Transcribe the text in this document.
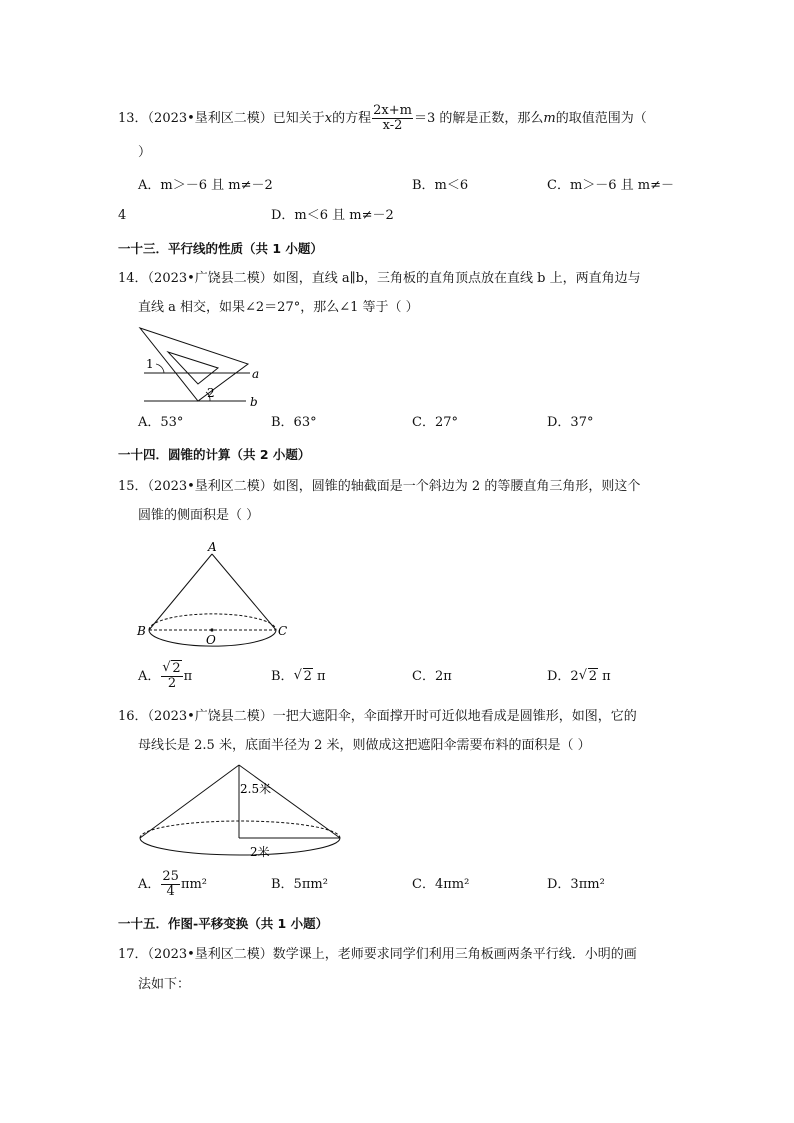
13．（2023•垦利区二模）已知关于x的方程 $\frac{2x+m}{x-2} =3$ 的解是正数，那么m的取值范围为（
）
A．m＞－6 且 m≠－2	B．m＜6	C．m＞－6 且 m≠－
4	D．m＜6 且 m≠－2
一十三．平行线的性质（共 1 小题）
14．（2023•广饶县二模）如图，直线 a∥b，三角板的直角顶点放在直线 b 上，两直角边与
直线 a 相交，如果∠2＝27°，那么∠1 等于（ ）
1
2
a
b
A．53°	B．63°	C．27°	D．37°
一十四．圆锥的计算（共 2 小题）
15．（2023•垦利区二模）如图，圆锥的轴截面是一个斜边为 2 的等腰直角三角形，则这个
圆锥的侧面积是（ ）
A
B	C
O
A． √ $\frac{2}{2}$ π	B． √ 2 π	C．2π	D．2 √ 2 π
16．（2023•广饶县二模）一把大遮阳伞，伞面撑开时可近似地看成是圆锥形，如图，它的
母线长是 2.5 米，底面半径为 2 米，则做成这把遮阳伞需要布料的面积是（ ）
2.5米
2米
A． $\frac{25}{4} \pi m^2$	B．5πm²	C．4πm²	D．3πm²
一十五．作图-平移变换（共 1 小题）
17．（2023•垦利区二模）数学课上，老师要求同学们利用三角板画两条平行线．小明的画
法如下：
